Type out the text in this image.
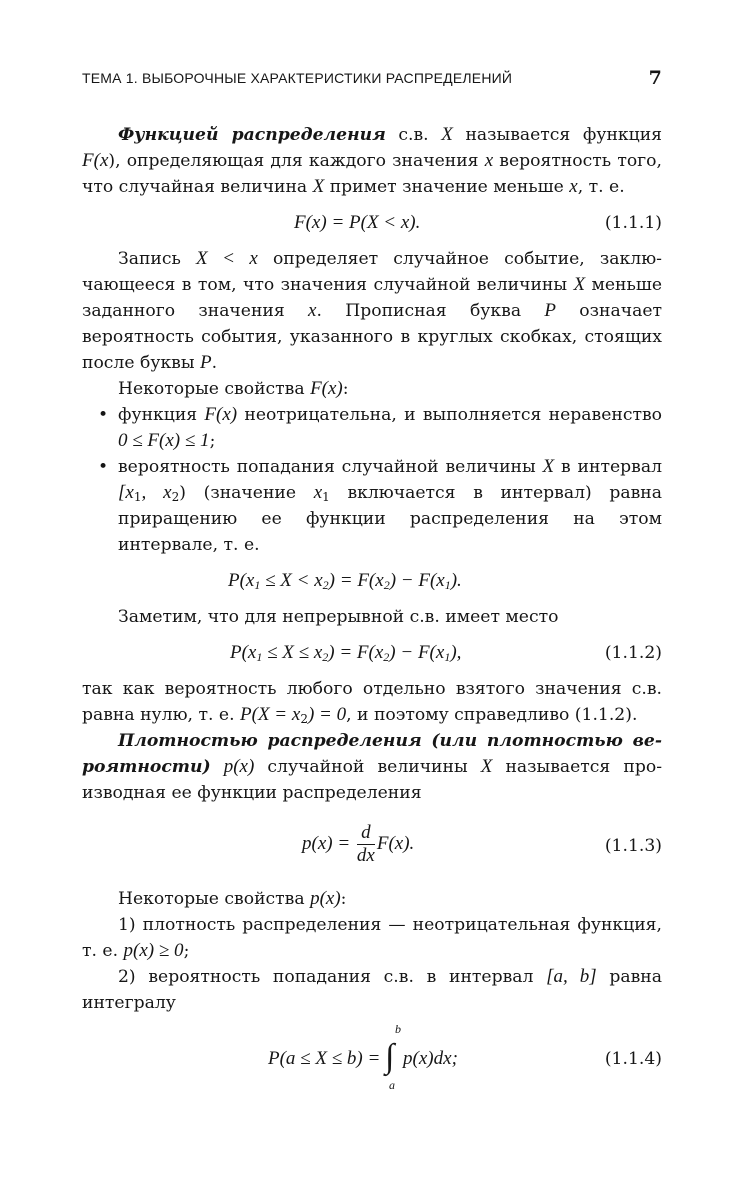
ТЕМА 1. ВЫБОРОЧНЫЕ ХАРАКТЕРИСТИКИ РАСПРЕДЕЛЕНИЙ	7

Функцией распределения с.в. X называется функция F(x), определяющая для каждого значения x вероятность того, что случайная величина X примет значение меньше x, т. е.

F(x) = P(X < x).	(1.1.1)

Запись X < x определяет случайное событие, заключающееся в том, что значения случайной величины X меньше заданного значения x. Прописная буква P означает вероятность события, указанного в круглых скобках, стоящих после буквы P.

Некоторые свойства F(x):

• функция F(x) неотрицательна, и выполняется неравенство 0 ≤ F(x) ≤ 1;
• вероятность попадания случайной величины X в интервал [$x_1$, $x_2$) (значение $x_1$ включается в интервал) равна приращению ее функции распределения на этом интервале, т. е.
$P(x_1 \le X < x_2) = F(x_2) - F(x_1)$.

Заметим, что для непрерывной с.в. имеет место

$P(x_1 \le X \le x_2) = F(x_2) - F(x_1)$,	(1.1.2)

так как вероятность любого отдельно взятого значения с.в. равна нулю, т. е. $P(X = x_2) = 0$, и поэтому справедливо (1.1.2).

Плотностью распределения (или плотностью вероятности) p(x) случайной величины X называется производная ее функции распределения

$p(x) = \frac{d}{dx} F(x)$.	(1.1.3)

Некоторые свойства p(x):

1) плотность распределения — неотрицательная функция, т. е. p(x) ≥ 0;

2) вероятность попадания с.в. в интервал [a, b] равна интегралу

P(a ≤ X ≤ b) =
b
∫
a
p(x)dx;	(1.1.4)
